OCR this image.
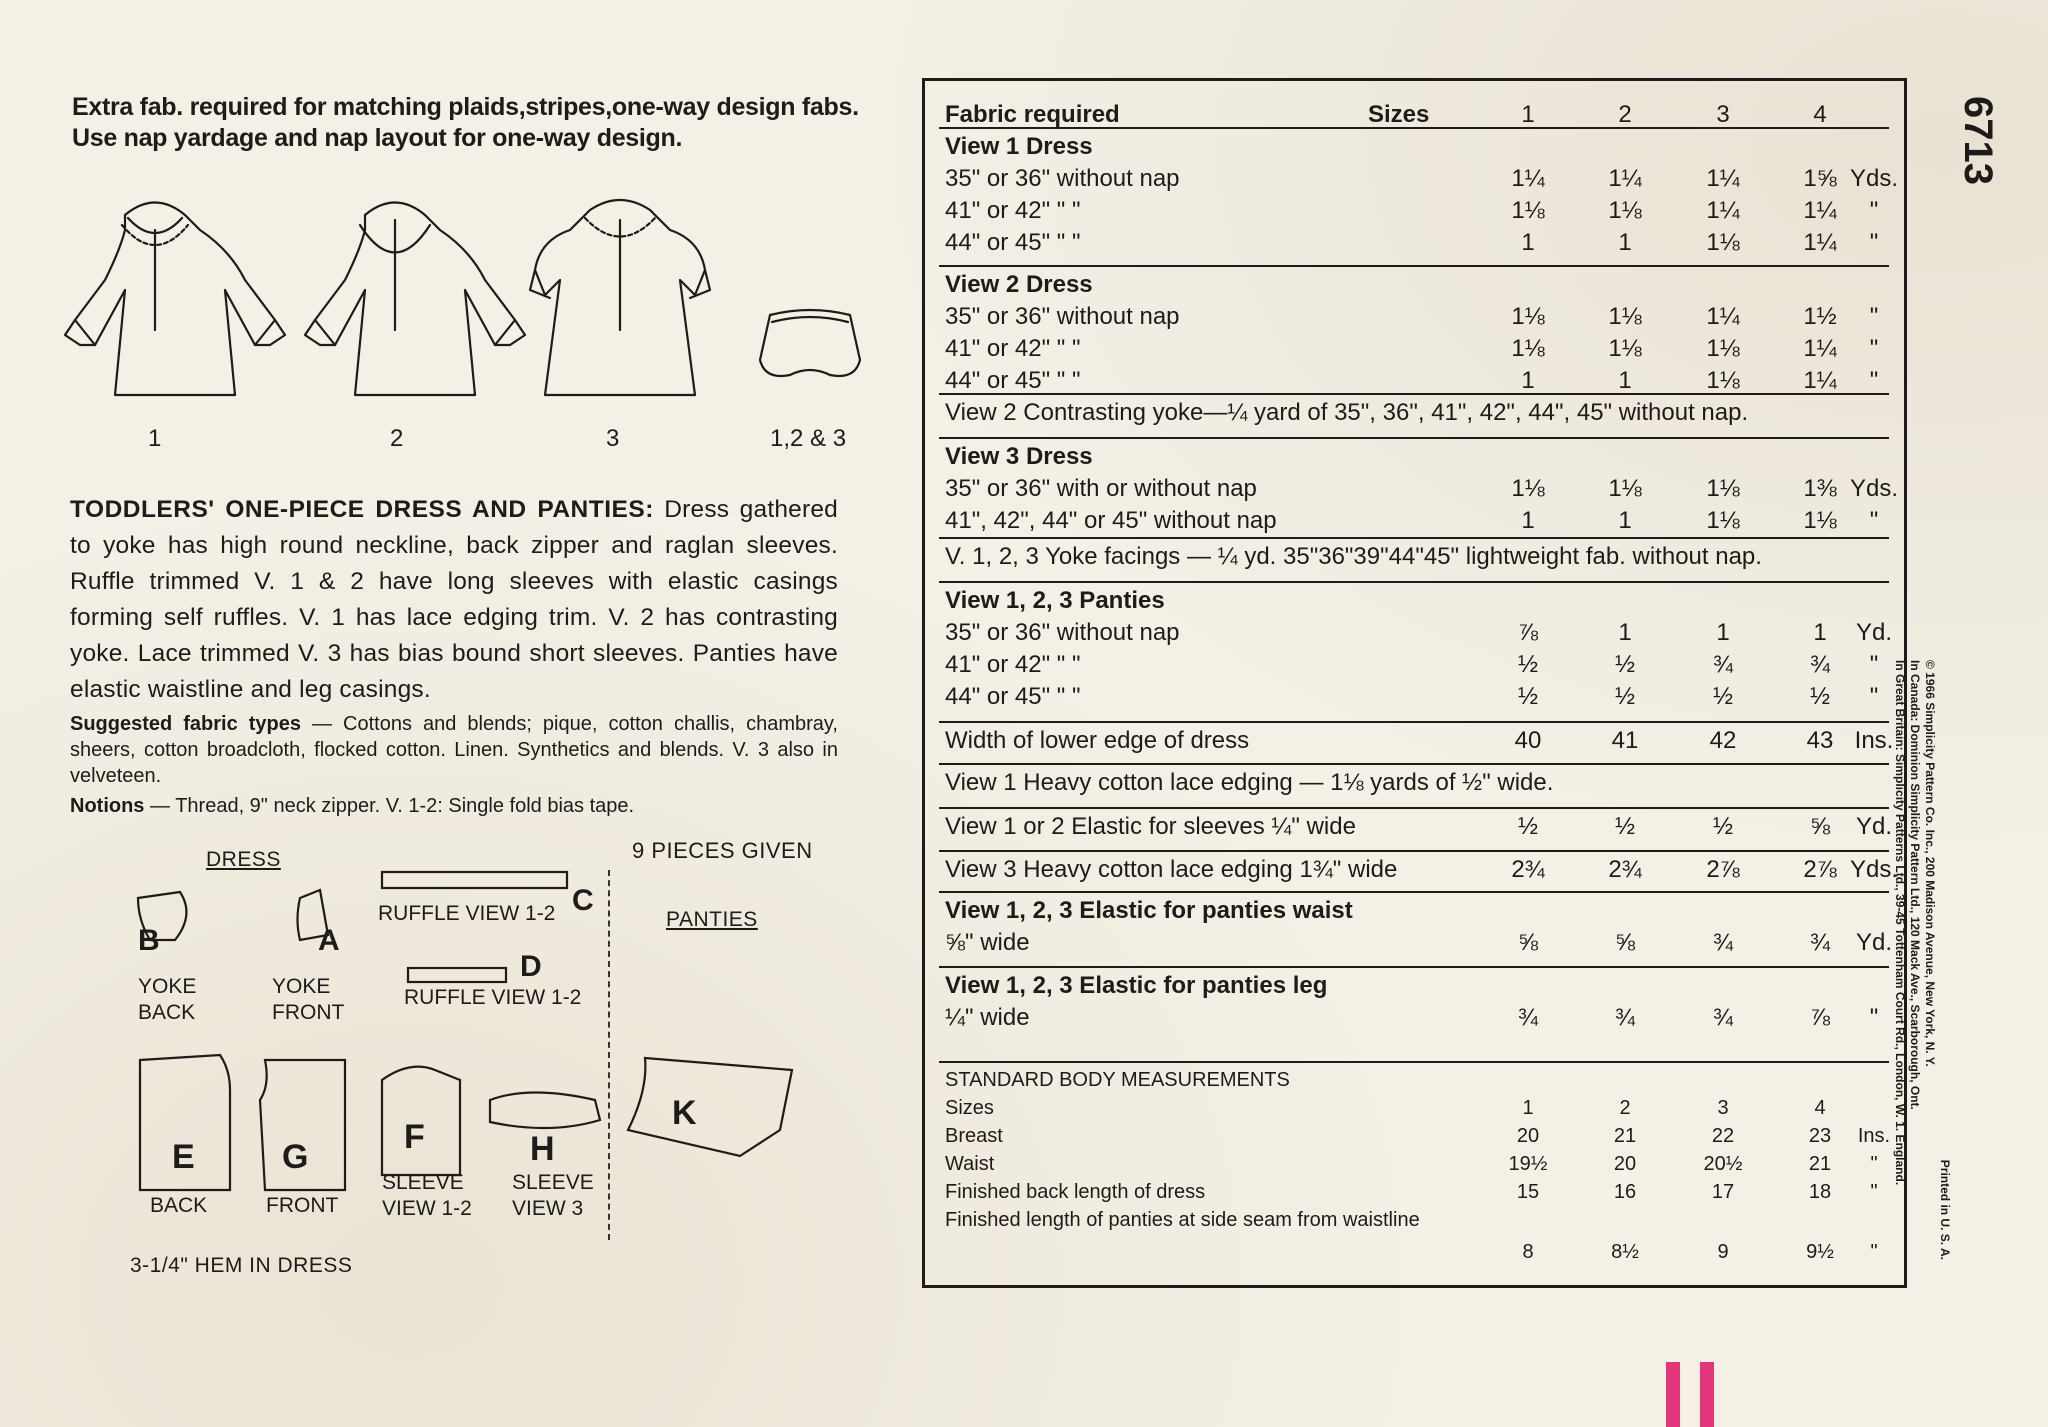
Extra fab. required for matching plaids,stripes,one-way design fabs.
Use nap yardage and nap layout for one-way design.
1	2	3	1,2 & 3
TODDLERS' ONE-PIECE DRESS AND PANTIES: Dress gathered to yoke has high round neckline, back zipper and raglan sleeves. Ruffle trimmed V. 1 & 2 have long sleeves with elastic casings forming self ruffles. V. 1 has lace edging trim. V. 2 has contrasting yoke. Lace trimmed V. 3 has bias bound short sleeves. Panties have elastic waistline and leg casings.
Suggested fabric types — Cottons and blends; pique, cotton challis, chambray, sheers, cotton broadcloth, flocked cotton. Linen. Synthetics and blends. V. 3 also in velveteen.
Notions — Thread, 9" neck zipper. V. 1-2: Single fold bias tape.
DRESS	9 PIECES GIVEN
PANTIES
B
YOKE
BACK
A
YOKE
FRONT
RUFFLE VIEW 1-2 C
RUFFLE VIEW 1-2
D
E
BACK
G
FRONT
F
SLEEVE
VIEW 1-2
H
SLEEVE
VIEW 3
K
3-1/4" HEM IN DRESS
Fabric required	Sizes	1	2	3	4
View 1 Dress
35" or 36" without nap	1¼	1¼	1¼	1⅝ Yds.
41" or 42" " "	1⅛	1⅛	1¼	1¼	"
44" or 45" " "	1	1	1⅛	1¼	"
View 2 Dress
35" or 36" without nap	1⅛	1⅛	1¼	1½	"
41" or 42" " "	1⅛	1⅛	1⅛	1¼	"
44" or 45" " "	1	1	1⅛	1¼	"
View 2 Contrasting yoke—¼ yard of 35", 36", 41", 42", 44", 45" without nap.
View 3 Dress
35" or 36" with or without nap	1⅛	1⅛	1⅛	1⅜ Yds.
41", 42", 44" or 45" without nap	1	1	1⅛	1⅛	"
V. 1, 2, 3 Yoke facings — ¼ yd. 35"36"39"44"45" lightweight fab. without nap.
View 1, 2, 3 Panties
35" or 36" without nap	⅞	1	1	1	Yd.
41" or 42" " "	½	½	¾	¾	"
44" or 45" " "	½	½	½	½	"
Width of lower edge of dress	40	41	42	43 Ins.
View 1 Heavy cotton lace edging — 1⅛ yards of ½" wide.
View 1 or 2 Elastic for sleeves ¼" wide	½	½	½	⅝	Yd.
View 3 Heavy cotton lace edging 1¾" wide	2¾	2¾	2⅞	2⅞ Yds.
View 1, 2, 3 Elastic for panties waist
⅝" wide	⅝	⅝	¾	¾	Yd.
View 1, 2, 3 Elastic for panties leg
¼" wide	¾	¾	¾	⅞	"
STANDARD BODY MEASUREMENTS
Sizes	1	2	3	4
Breast	20	21	22	23	Ins.
Waist	19½	20	20½	21	"
Finished back length of dress	15	16	17	18	"
Finished length of panties at side seam from waistline
8	8½	9	9½	"
6713
Printed in U. S. A.
© 1966 Simplicity Pattern Co. Inc., 200 Madison Avenue, New York, N. Y.
In Canada: Dominion Simplicity Pattern Ltd., 120 Mack Ave., Scarborough, Ont.
In Great Britain: Simplicity Patterns Ltd., 39-45 Tottenham Court Rd., London, W. 1. England.
